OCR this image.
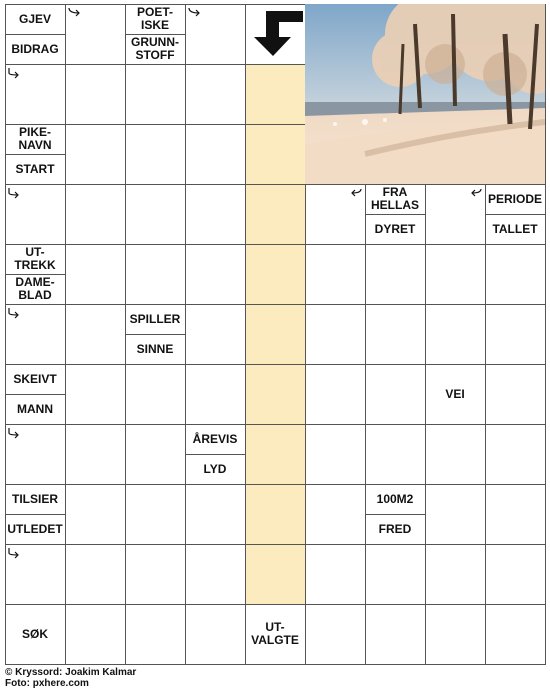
GJEV
BIDRAG
POET-
ISKE
GRUNN-
STOFF
PIKE-
NAVN
START
FRA
HELLAS
DYRET
PERIODE
TALLET
UT-
TREKK
DAME-
BLAD
SPILLER
SINNE
SKEIVT
MANN
VEI
ÅREVIS
LYD
TILSIER
UTLEDET
100M2
FRED
SØK	UT-
VALGTE
© Kryssord: Joakim Kalmar
Foto: pxhere.com
